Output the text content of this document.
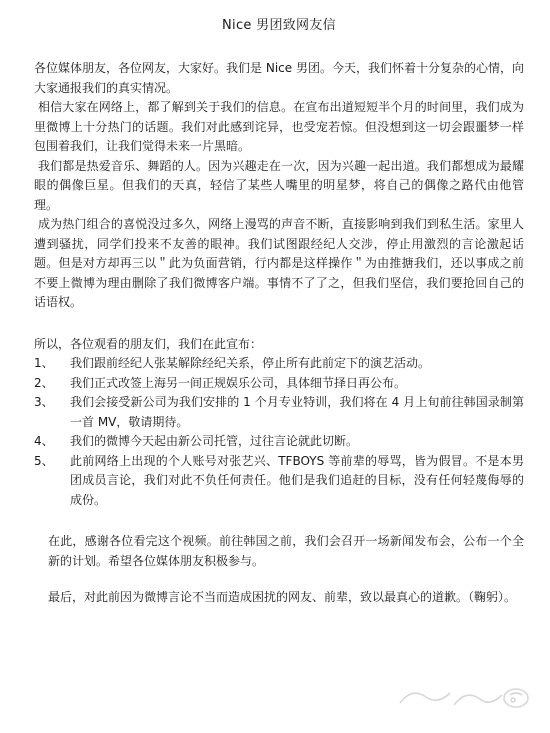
Nice 男团致网友信

各位媒体朋友，各位网友，大家好。我们是 Nice 男团。今天，我们怀着十分复杂的心情，向大家通报我们的真实情况。

相信大家在网络上，都了解到关于我们的信息。在宣布出道短短半个月的时间里，我们成为里微博上十分热门的话题。我们对此感到诧异，也受宠若惊。但没想到这一切会跟噩梦一样包围着我们，让我们觉得未来一片黑暗。

我们都是热爱音乐、舞蹈的人。因为兴趣走在一次，因为兴趣一起出道。我们都想成为最耀眼的偶像巨星。但我们的天真，轻信了某些人嘴里的明星梦，将自己的偶像之路代由他管理。

成为热门组合的喜悦没过多久，网络上漫骂的声音不断，直接影响到我们到私生活。家里人遭到骚扰，同学们投来不友善的眼神。我们试图跟经纪人交涉，停止用激烈的言论激起话题。但是对方却再三以＂此为负面营销，行内都是这样操作＂为由推搪我们，还以事成之前不要上微博为理由删除了我们微博客户端。事情不了了之，但我们坚信，我们要抢回自己的话语权。

所以，各位观看的朋友们，我们在此宣布：

1、	我们跟前经纪人张某解除经纪关系，停止所有此前定下的演艺活动。
2、	我们正式改签上海另一间正规娱乐公司，具体细节择日再公布。
3、	我们会接受新公司为我们安排的 1 个月专业特训，我们将在 4 月上旬前往韩国录制第一首 MV，敬请期待。
4、	我们的微博今天起由新公司托管，过往言论就此切断。
5、	此前网络上出现的个人账号对张艺兴、TFBOYS 等前辈的辱骂，皆为假冒。不是本男团成员言论，我们对此不负任何责任。他们是我们追赶的目标，没有任何轻蔑侮辱的成份。

在此，感谢各位看完这个视频。前往韩国之前，我们会召开一场新闻发布会，公布一个全新的计划。希望各位媒体朋友积极参与。

最后，对此前因为微博言论不当而造成困扰的网友、前辈，致以最真心的道歉。（鞠躬）。
